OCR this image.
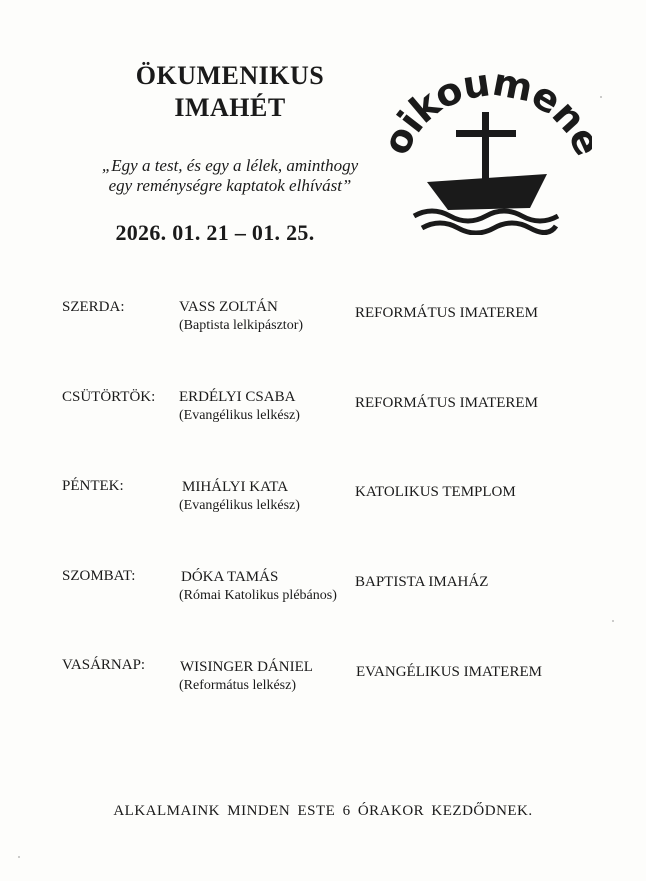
ÖKUMENIKUS
IMAHÉT
„Egy a test, és egy a lélek, aminthogy
egy reménységre kaptatok elhívást”
2026. 01. 21 – 01. 25.
ikoumen
SZERDA:	VASS ZOLTÁN
(Baptista lelkipásztor)
REFORMÁTUS IMATEREM
CSÜTÖRTÖK: ERDÉLYI CSABA
(Evangélikus lelkész)
REFORMÁTUS IMATEREM
PÉNTEK:	MIHÁLYI KATA
(Evangélikus lelkész)
KATOLIKUS TEMPLOM
SZOMBAT:	DÓKA TAMÁS
(Római Katolikus plébános)
BAPTISTA IMAHÁZ
VASÁRNAP: WISINGER DÁNIEL
(Református lelkész)
EVANGÉLIKUS IMATEREM
ALKALMAINK MINDEN ESTE 6 ÓRAKOR KEZDŐDNEK.
